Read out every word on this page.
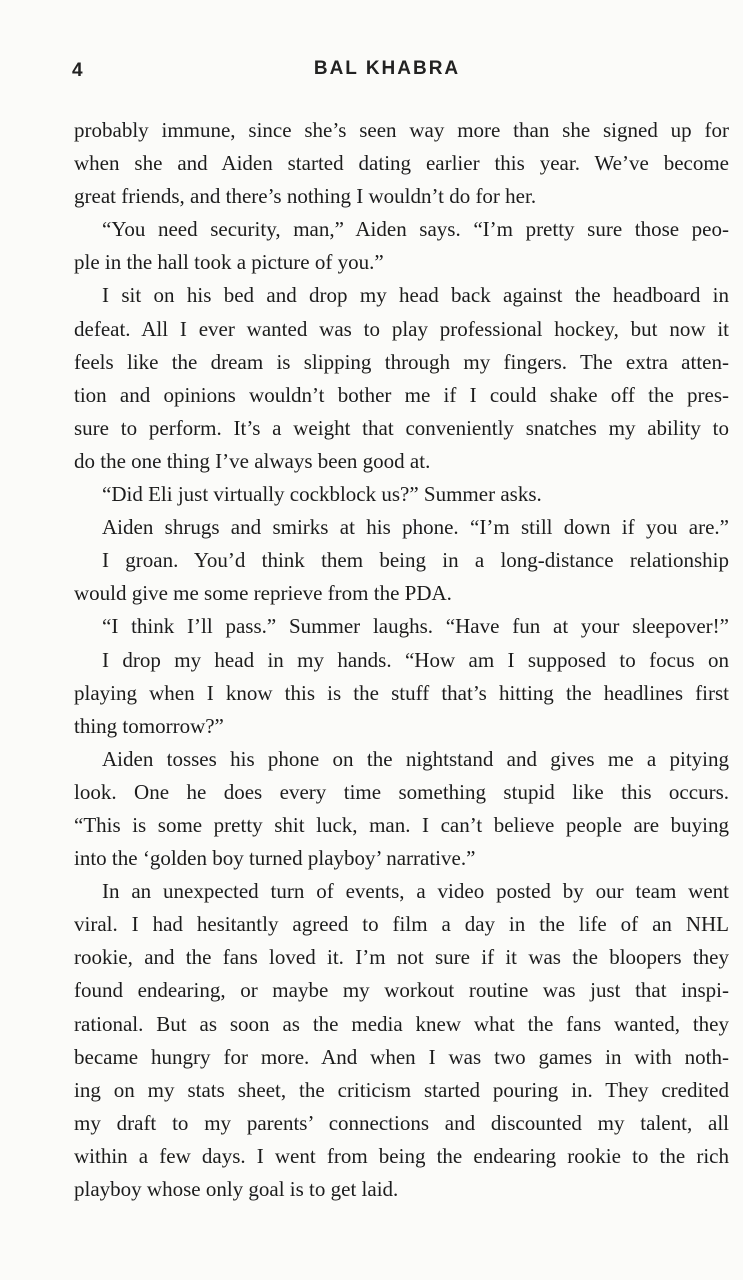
4	BAL KHABRA
probably immune, since she’s seen way more than she signed up for
when she and Aiden started dating earlier this year. We’ve become
great friends, and there’s nothing I wouldn’t do for her.
“You need security, man,” Aiden says. “I’m pretty sure those peo-
ple in the hall took a picture of you.”
I sit on his bed and drop my head back against the headboard in
defeat. All I ever wanted was to play professional hockey, but now it
feels like the dream is slipping through my fingers. The extra atten-
tion and opinions wouldn’t bother me if I could shake off the pres-
sure to perform. It’s a weight that conveniently snatches my ability to
do the one thing I’ve always been good at.
“Did Eli just virtually cockblock us?” Summer asks.
Aiden shrugs and smirks at his phone. “I’m still down if you are.”
I groan. You’d think them being in a long-distance relationship
would give me some reprieve from the PDA.
“I think I’ll pass.” Summer laughs. “Have fun at your sleepover!”
I drop my head in my hands. “How am I supposed to focus on
playing when I know this is the stuff that’s hitting the headlines first
thing tomorrow?”
Aiden tosses his phone on the nightstand and gives me a pitying
look. One he does every time something stupid like this occurs.
“This is some pretty shit luck, man. I can’t believe people are buying
into the ‘golden boy turned playboy’ narrative.”
In an unexpected turn of events, a video posted by our team went
viral. I had hesitantly agreed to film a day in the life of an NHL
rookie, and the fans loved it. I’m not sure if it was the bloopers they
found endearing, or maybe my workout routine was just that inspi-
rational. But as soon as the media knew what the fans wanted, they
became hungry for more. And when I was two games in with noth-
ing on my stats sheet, the criticism started pouring in. They credited
my draft to my parents’ connections and discounted my talent, all
within a few days. I went from being the endearing rookie to the rich
playboy whose only goal is to get laid.
